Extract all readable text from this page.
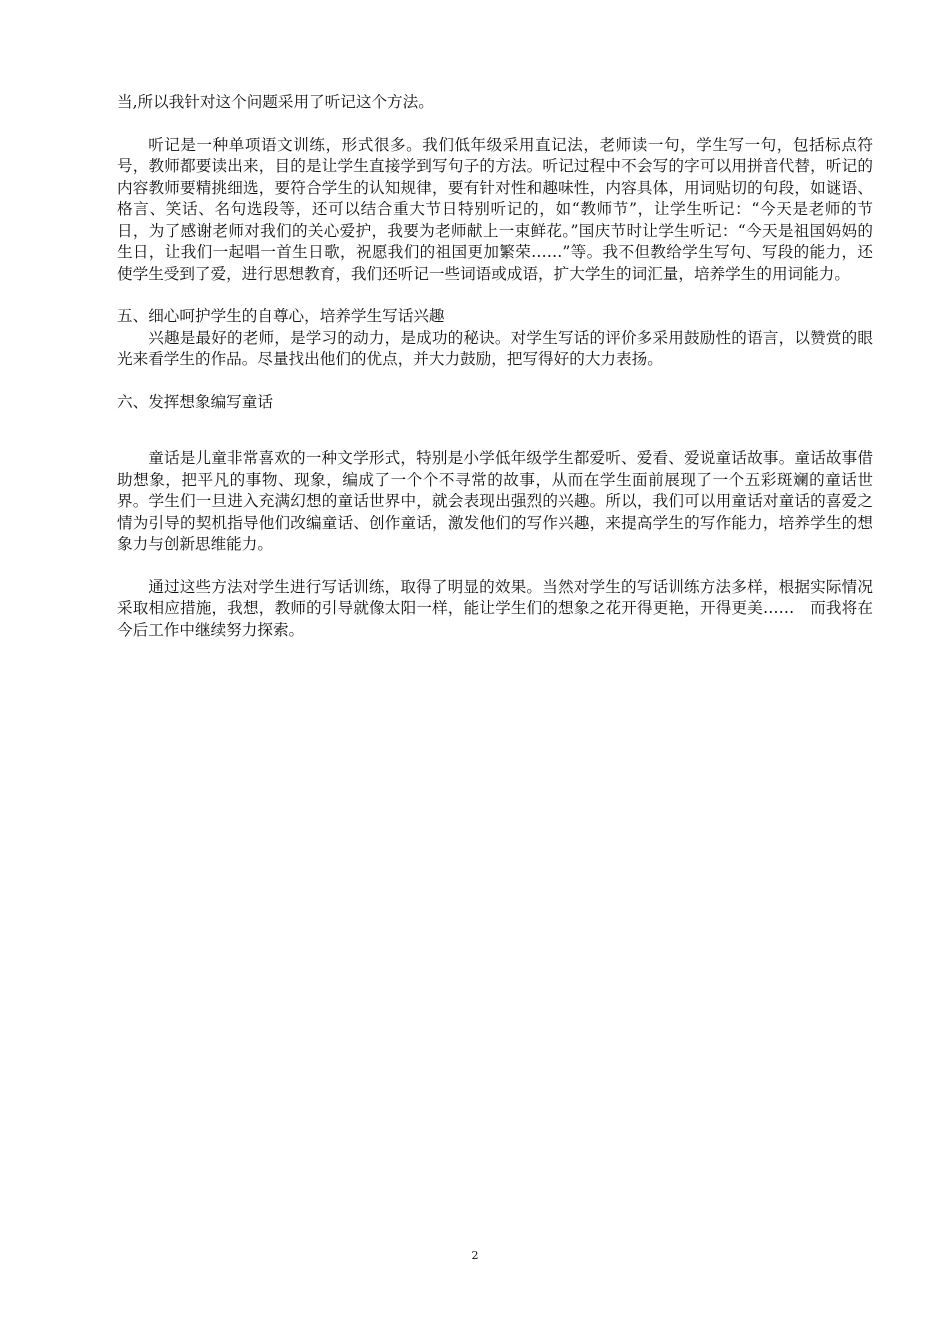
当,所以我针对这个问题采用了听记这个方法。

听记是一种单项语文训练，形式很多。我们低年级采用直记法，老师读一句，学生写一句，包括标点符号，教师都要读出来，目的是让学生直接学到写句子的方法。听记过程中不会写的字可以用拼音代替，听记的内容教师要精挑细选，要符合学生的认知规律，要有针对性和趣味性，内容具体，用词贴切的句段，如谜语、格言、笑话、名句选段等，还可以结合重大节日特别听记的，如“教师节”，让学生听记：“今天是老师的节日，为了感谢老师对我们的关心爱护，我要为老师献上一束鲜花。”国庆节时让学生听记：“今天是祖国妈妈的生日，让我们一起唱一首生日歌，祝愿我们的祖国更加繁荣……”等。我不但教给学生写句、写段的能力，还使学生受到了爱，进行思想教育，我们还听记一些词语或成语，扩大学生的词汇量，培养学生的用词能力。

五、细心呵护学生的自尊心，培养学生写话兴趣

兴趣是最好的老师，是学习的动力，是成功的秘诀。对学生写话的评价多采用鼓励性的语言，以赞赏的眼光来看学生的作品。尽量找出他们的优点，并大力鼓励，把写得好的大力表扬。

六、发挥想象编写童话

童话是儿童非常喜欢的一种文学形式，特别是小学低年级学生都爱听、爱看、爱说童话故事。童话故事借助想象，把平凡的事物、现象，编成了一个个不寻常的故事，从而在学生面前展现了一个五彩斑斓的童话世界。学生们一旦进入充满幻想的童话世界中，就会表现出强烈的兴趣。所以，我们可以用童话对童话的喜爱之情为引导的契机指导他们改编童话、创作童话，激发他们的写作兴趣，来提高学生的写作能力，培养学生的想象力与创新思维能力。

通过这些方法对学生进行写话训练，取得了明显的效果。当然对学生的写话训练方法多样，根据实际情况采取相应措施，我想，教师的引导就像太阳一样，能让学生们的想象之花开得更艳，开得更美……　而我将在今后工作中继续努力探索。

2
